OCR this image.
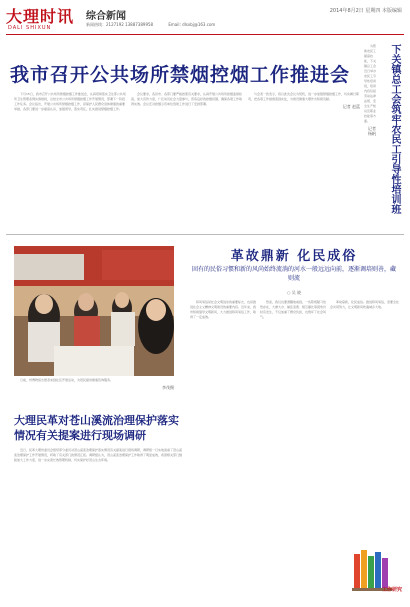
大理时讯
DALI SHIXUN
综合新闻
新闻热线：2127192 13887389958	Email: dlsxbj@163.com
2014年8月2日 星期四 本版编辑
我市召开公共场所禁烟控烟工作推进会

下月15日，我市召开公共场所禁烟控烟工作推进会，认真贯彻落实卫生部公共场所卫生管理条例实施细则，总结全市公共场所禁烟控烟工作开展情况，部署下一阶段工作任务。会议指出，开展公共场所禁烟控烟工作，是保护人民群众身体健康的重要举措，各部门要进一步提高认识，加强领导，落实责任，扎实推进禁烟控烟工作。

会议要求，各县市、各部门要严格按照有关要求，认真开展公共场所控烟监督检查，加大宣传力度，广泛动员社会力量参与，营造良好的控烟氛围，确保各项工作取得实效。会议还对控烟示范单位创建工作进行了安排部署。

与会者一致表示，将以此次会议为契机，进一步加强禁烟控烟工作，切实履行职责，把各项工作措施落到实处，为建设健康大理作出积极贡献。

记者 赵蓝	下关镇总工会筑牢农民工引导性培训班

为帮助农民工提高技能，下关镇总工会近日举办农民工引导性培训班，培训内容包括劳动法律法规、安全生产知识及职业技能等方面。

记者 杨帆

日前，州博物馆志愿者来到社区开展活动，为居民提供健康咨询服务。

李茂摄
大理民革对苍山溪流治理保护落实情况有关提案进行现场调研

近日，民革大理州委员会组织部分委员对苍山溪流治理保护落实情况有关提案进行现场调研，调研组一行实地查看了苍山溪流治理保护工作开展情况，听取了有关部门的情况汇报。调研组认为，苍山溪流治理保护工作取得了明显成效，希望相关部门继续加大工作力度，进一步完善长效管理机制，切实保护好苍山生态环境。

革故鼎新 化民成俗
固有的民俗习惯和新的风尚始终流淌的河水一般远远向前，逐渐调培则善，藏则流
○ 吴 晓

移风易俗是社会文明进步的重要标志，也是推进社会主义精神文明建设的重要内容。近年来，我市积极倡导文明新风，大力推进移风易俗工作，取得了一定成效。

然而，我们也要清醒地看到，一些陈规陋习依然存在，大操大办、铺张浪费、相互攀比等现象仍时有发生，不仅加重了群众负担，也败坏了社会风气。

革故鼎新，化民成俗。推进移风易俗，需要全社会共同努力，让文明新风吹遍城乡大地。

工作研究
